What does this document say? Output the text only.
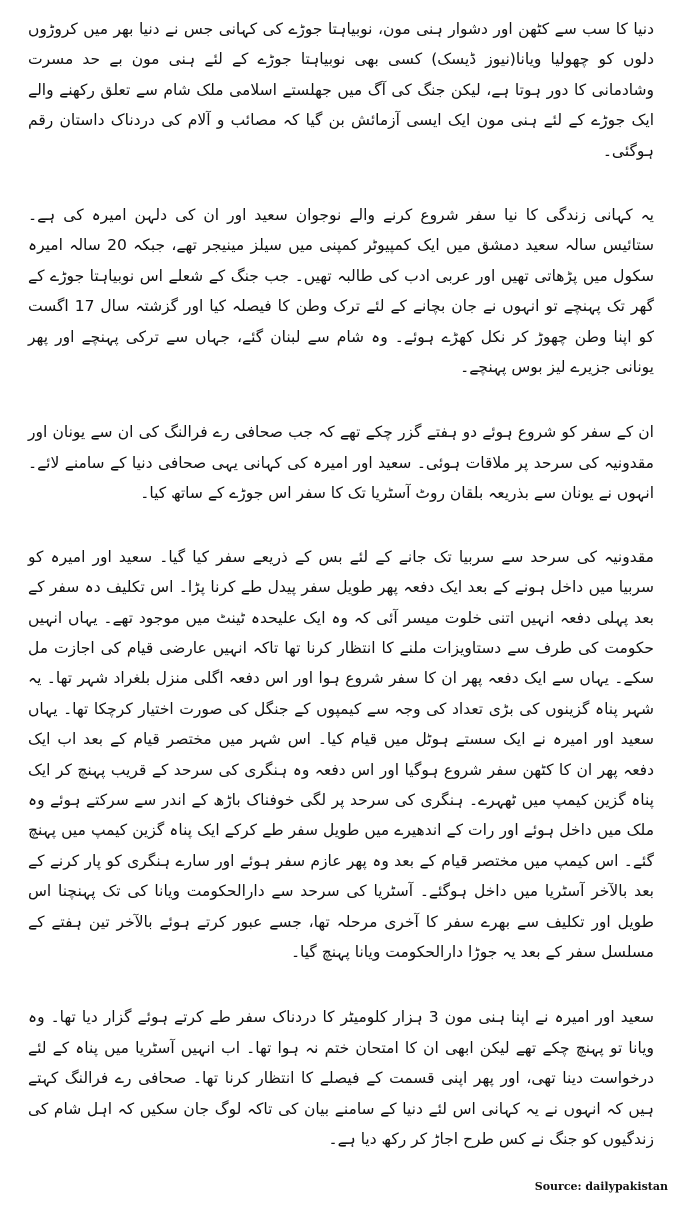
دنیا کا سب سے کٹھن اور دشوار ہنی مون، نوبیاہتا جوڑے کی کہانی جس نے دنیا بھر میں کروڑوں دلوں کو چھولیا ویانا(نیوز ڈیسک) کسی بھی نوبیاہتا جوڑے کے لئے ہنی مون بے حد مسرت وشادمانی کا دور ہوتا ہے، لیکن جنگ کی آگ میں جھلستے اسلامی ملک شام سے تعلق رکھنے والے ایک جوڑے کے لئے ہنی مون ایک ایسی آزمائش بن گیا کہ مصائب و آلام کی دردناک داستان رقم ہوگئی۔

یہ کہانی زندگی کا نیا سفر شروع کرنے والے نوجوان سعید اور ان کی دلہن امیرہ کی ہے۔ ستائیس سالہ سعید دمشق میں ایک کمپیوٹر کمپنی میں سیلز مینیجر تھے، جبکہ 20 سالہ امیرہ سکول میں پڑھاتی تھیں اور عربی ادب کی طالبہ تھیں۔ جب جنگ کے شعلے اس نوبیاہتا جوڑے کے گھر تک پہنچے تو انہوں نے جان بچانے کے لئے ترک وطن کا فیصلہ کیا اور گزشتہ سال 17 اگست کو اپنا وطن چھوڑ کر نکل کھڑے ہوئے۔ وہ شام سے لبنان گئے، جہاں سے ترکی پہنچے اور پھر یونانی جزیرے لیز بوس پہنچے۔

ان کے سفر کو شروع ہوئے دو ہفتے گزر چکے تھے کہ جب صحافی رے فرالنگ کی ان سے یونان اور مقدونیہ کی سرحد پر ملاقات ہوئی۔ سعید اور امیرہ کی کہانی یہی صحافی دنیا کے سامنے لائے۔ انہوں نے یونان سے بذریعہ بلقان روٹ آسٹریا تک کا سفر اس جوڑے کے ساتھ کیا۔

مقدونیہ کی سرحد سے سربیا تک جانے کے لئے بس کے ذریعے سفر کیا گیا۔ سعید اور امیرہ کو سربیا میں داخل ہونے کے بعد ایک دفعہ پھر طویل سفر پیدل طے کرنا پڑا۔ اس تکلیف دہ سفر کے بعد پہلی دفعہ انہیں اتنی خلوت میسر آئی کہ وہ ایک علیحدہ ٹینٹ میں موجود تھے۔ یہاں انہیں حکومت کی طرف سے دستاویزات ملنے کا انتظار کرنا تھا تاکہ انہیں عارضی قیام کی اجازت مل سکے۔ یہاں سے ایک دفعہ پھر ان کا سفر شروع ہوا اور اس دفعہ اگلی منزل بلغراد شہر تھا۔ یہ شہر پناہ گزینوں کی بڑی تعداد کی وجہ سے کیمپوں کے جنگل کی صورت اختیار کرچکا تھا۔ یہاں سعید اور امیرہ نے ایک سستے ہوٹل میں قیام کیا۔ اس شہر میں مختصر قیام کے بعد اب ایک دفعہ پھر ان کا کٹھن سفر شروع ہوگیا اور اس دفعہ وہ ہنگری کی سرحد کے قریب پہنچ کر ایک پناہ گزین کیمپ میں ٹھہرے۔ ہنگری کی سرحد پر لگی خوفناک باڑھ کے اندر سے سرکتے ہوئے وہ ملک میں داخل ہوئے اور رات کے اندھیرے میں طویل سفر طے کرکے ایک پناہ گزین کیمپ میں پہنچ گئے۔ اس کیمپ میں مختصر قیام کے بعد وہ پھر عازم سفر ہوئے اور سارے ہنگری کو پار کرنے کے بعد بالآخر آسٹریا میں داخل ہوگئے۔ آسٹریا کی سرحد سے دارالحکومت ویانا کی تک پہنچنا اس طویل اور تکلیف سے بھرے سفر کا آخری مرحلہ تھا، جسے عبور کرتے ہوئے بالآخر تین ہفتے کے مسلسل سفر کے بعد یہ جوڑا دارالحکومت ویانا پہنچ گیا۔

سعید اور امیرہ نے اپنا ہنی مون 3 ہزار کلومیٹر کا دردناک سفر طے کرتے ہوئے گزار دیا تھا۔ وہ ویانا تو پہنچ چکے تھے لیکن ابھی ان کا امتحان ختم نہ ہوا تھا۔ اب انہیں آسٹریا میں پناہ کے لئے درخواست دینا تھی، اور پھر اپنی قسمت کے فیصلے کا انتظار کرنا تھا۔ صحافی رے فرالنگ کہتے ہیں کہ انہوں نے یہ کہانی اس لئے دنیا کے سامنے بیان کی تاکہ لوگ جان سکیں کہ اہل شام کی زندگیوں کو جنگ نے کس طرح اجاڑ کر رکھ دیا ہے۔

Source: dailypakistan
